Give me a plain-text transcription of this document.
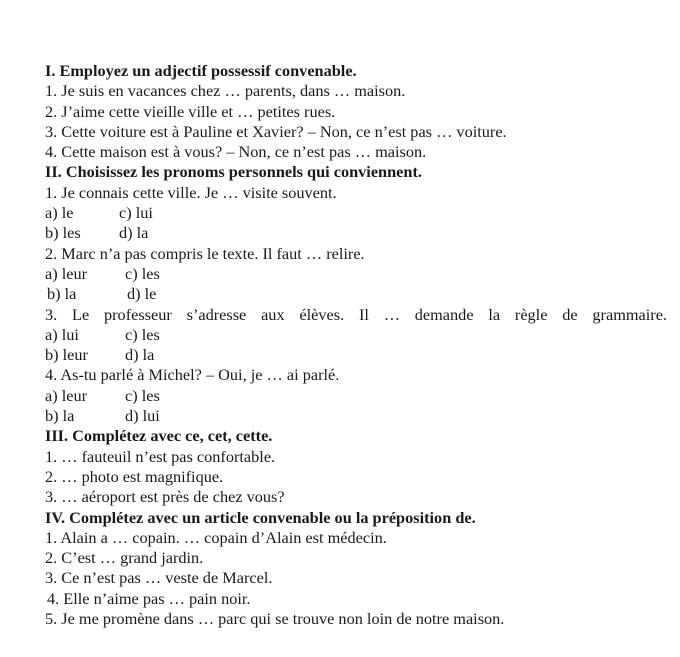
I. Employez un adjectif possessif convenable.
1. Je suis en vacances chez … parents, dans … maison.
2. J’aime cette vieille ville et … petites rues.
3. Cette voiture est à Pauline et Xavier? – Non, ce n’est pas … voiture.
4. Cette maison est à vous? – Non, ce n’est pas … maison.
II. Choisissez les pronoms personnels qui conviennent.
1. Je connais cette ville. Je … visite souvent.
a) le	c) lui
b) les d) la
2. Marc n’a pas compris le texte. Il faut … relire.
a) leur c) les
b) la	d) le
3. Le professeur s’adresse aux élèves. Il … demande la règle de grammaire.
a) lui	c) les
b) leur d) la
4. As-tu parlé à Michel? – Oui, je … ai parlé.
a) leur c) les
b) la	d) lui
III. Complétez avec ce, cet, cette.
1. … fauteuil n’est pas confortable.
2. … photo est magnifique.
3. … aéroport est près de chez vous?
IV. Complétez avec un article convenable ou la préposition de.
1. Alain a … copain. … copain d’Alain est médecin.
2. C’est … grand jardin.
3. Ce n’est pas … veste de Marcel.
4. Elle n’aime pas … pain noir.
5. Je me promène dans … parc qui se trouve non loin de notre maison.
